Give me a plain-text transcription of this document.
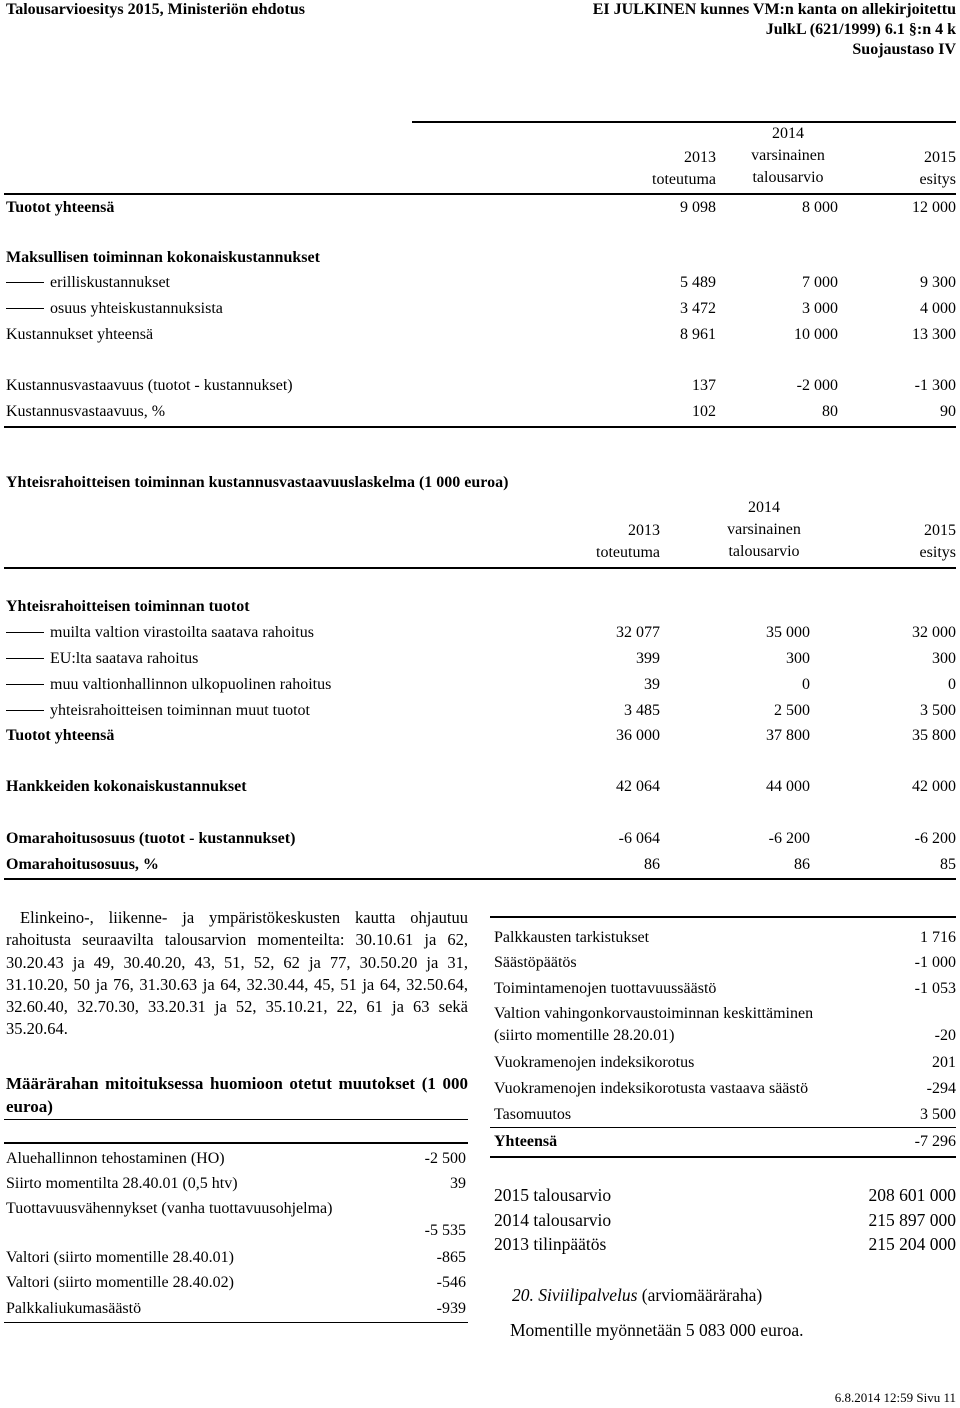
Talousarvioesitys 2015, Ministeriön ehdotus	EI JULKINEN kunnes VM:n kanta on allekirjoitettu
JulkL (621/1999) 6.1 §:n 4 k
Suojaustaso IV
2013
toteutuma
2014
varsinainen
talousarvio
2015
esitys
Tuotot yhteensä	9 098	8 000	12 000
Maksullisen toiminnan kokonaiskustannukset
erilliskustannukset	5 489	7 000	9 300
osuus yhteiskustannuksista	3 472	3 000	4 000
Kustannukset yhteensä	8 961	10 000	13 300
Kustannusvastaavuus (tuotot - kustannukset)	137	-2 000	-1 300
Kustannusvastaavuus, %	102	80	90
Yhteisrahoitteisen toiminnan kustannusvastaavuuslaskelma (1 000 euroa)
2013
toteutuma
2014
varsinainen
talousarvio
2015
esitys
Yhteisrahoitteisen toiminnan tuotot
muilta valtion virastoilta saatava rahoitus	32 077	35 000	32 000
EU:lta saatava rahoitus	399	300	300
muu valtionhallinnon ulkopuolinen rahoitus	39	0	0
yhteisrahoitteisen toiminnan muut tuotot	3 485	2 500	3 500
Tuotot yhteensä	36 000	37 800	35 800
Hankkeiden kokonaiskustannukset	42 064	44 000	42 000
Omarahoitusosuus (tuotot - kustannukset)	-6 064	-6 200	-6 200
Omarahoitusosuus, %	86	86	85
Elinkeino-, liikenne- ja ympäristökeskusten kautta ohjautuu rahoitusta seuraavilta talousarvion momenteilta: 30.10.61 ja 62, 30.20.43 ja 49, 30.40.20, 43, 51, 52, 62 ja 77, 30.50.20 ja 31, 31.10.20, 50 ja 76, 31.30.63 ja 64, 32.30.44, 45, 51 ja 64, 32.50.64, 32.60.40, 32.70.30, 33.20.31 ja 52, 35.10.21, 22, 61 ja 63 sekä 35.20.64.
Määrärahan mitoituksessa huomioon otetut muutokset (1 000 euroa)
Aluehallinnon tehostaminen (HO)	-2 500
Siirto momentilta 28.40.01 (0,5 htv)	39
Tuottavuusvähennykset (vanha tuottavuusohjelma)
-5 535
Valtori (siirto momentille 28.40.01)	-865
Valtori (siirto momentille 28.40.02)	-546
Palkkaliukumasäästö	-939
Palkkausten tarkistukset	1 716
Säästöpäätös	-1 000
Toimintamenojen tuottavuussäästö	-1 053
Valtion vahingonkorvaustoiminnan keskittäminen (siirto momentille 28.20.01)	-20
Vuokramenojen indeksikorotus	201
Vuokramenojen indeksikorotusta vastaava säästö	-294
Tasomuutos	3 500
Yhteensä	-7 296
2015 talousarvio	208 601 000
2014 talousarvio	215 897 000
2013 tilinpäätös	215 204 000
20. Siviilipalvelus (arviomääräraha)
Momentille myönnetään 5 083 000 euroa.
6.8.2014 12:59 Sivu 11
